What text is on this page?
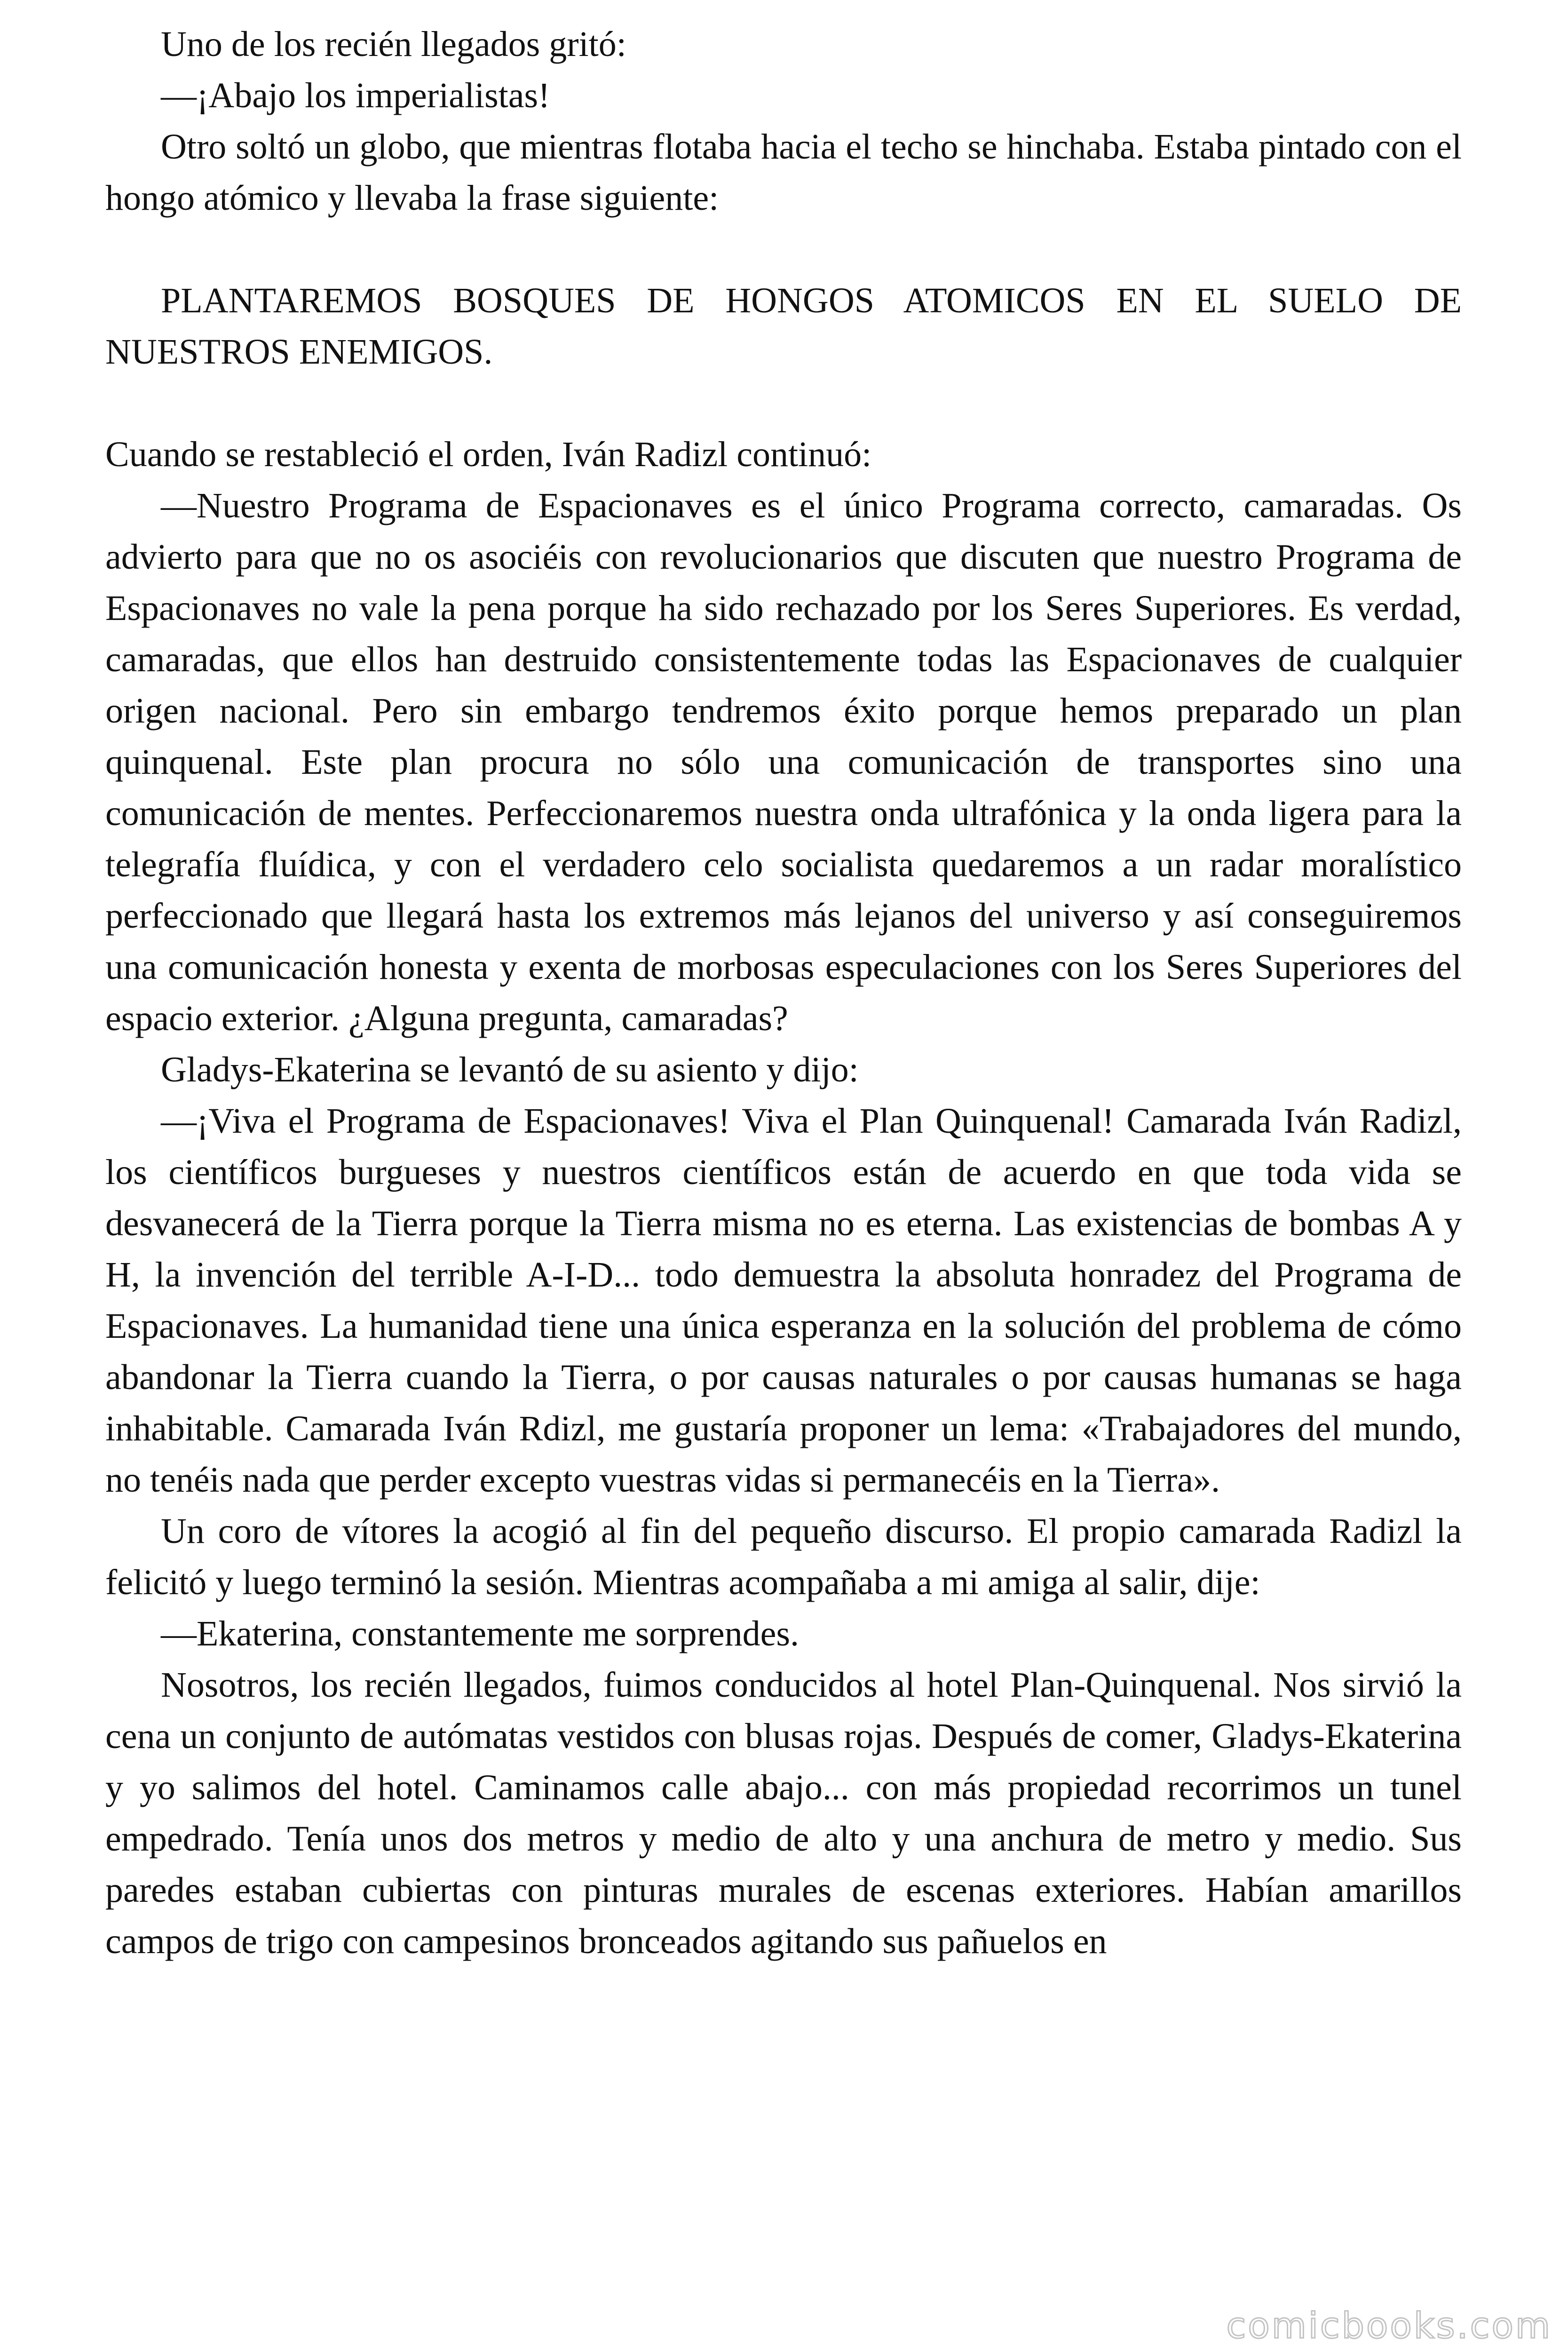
Uno de los recién llegados gritó:

—¡Abajo los imperialistas!

Otro soltó un globo, que mientras flotaba hacia el techo se hinchaba. Estaba pintado con el hongo atómico y llevaba la frase siguiente:

PLANTAREMOS BOSQUES DE HONGOS ATOMICOS EN EL SUELO DE NUESTROS ENEMIGOS.

Cuando se restableció el orden, Iván Radizl continuó:

—Nuestro Programa de Espacionaves es el único Programa correcto, camaradas. Os advierto para que no os asociéis con revolucionarios que discuten que nuestro Programa de Espacionaves no vale la pena porque ha sido rechazado por los Seres Superiores. Es verdad, camaradas, que ellos han destruido consistentemente todas las Espacionaves de cualquier origen nacional. Pero sin embargo tendremos éxito porque hemos preparado un plan quinquenal. Este plan procura no sólo una comunicación de transportes sino una comunicación de mentes. Perfeccionaremos nuestra onda ultrafónica y la onda ligera para la telegrafía fluídica, y con el verdadero celo socialista quedaremos a un radar moralístico perfeccionado que llegará hasta los extremos más lejanos del universo y así conseguiremos una comunicación honesta y exenta de morbosas especulaciones con los Seres Superiores del espacio exterior. ¿Alguna pregunta, camaradas?

Gladys-Ekaterina se levantó de su asiento y dijo:

—¡Viva el Programa de Espacionaves! Viva el Plan Quinquenal! Camarada Iván Radizl, los científicos burgueses y nuestros científicos están de acuerdo en que toda vida se desvanecerá de la Tierra porque la Tierra misma no es eterna. Las existencias de bombas A y H, la invención del terrible A-I-D... todo demuestra la absoluta honradez del Programa de Espacionaves. La humanidad tiene una única esperanza en la solución del problema de cómo abandonar la Tierra cuando la Tierra, o por causas naturales o por causas humanas se haga inhabitable. Camarada Iván Rdizl, me gustaría proponer un lema: «Trabajadores del mundo, no tenéis nada que perder excepto vuestras vidas si permanecéis en la Tierra».

Un coro de vítores la acogió al fin del pequeño discurso. El propio camarada Radizl la felicitó y luego terminó la sesión. Mientras acompañaba a mi amiga al salir, dije:

—Ekaterina, constantemente me sorprendes.

Nosotros, los recién llegados, fuimos conducidos al hotel Plan-Quinquenal. Nos sirvió la cena un conjunto de autómatas vestidos con blusas rojas. Después de comer, Gladys-Ekaterina y yo salimos del hotel. Caminamos calle abajo... con más propiedad recorrimos un tunel empedrado. Tenía unos dos metros y medio de alto y una anchura de metro y medio. Sus paredes estaban cubiertas con pinturas murales de escenas exteriores. Habían amarillos campos de trigo con campesinos bronceados agitando sus pañuelos en

comicbooks.com
